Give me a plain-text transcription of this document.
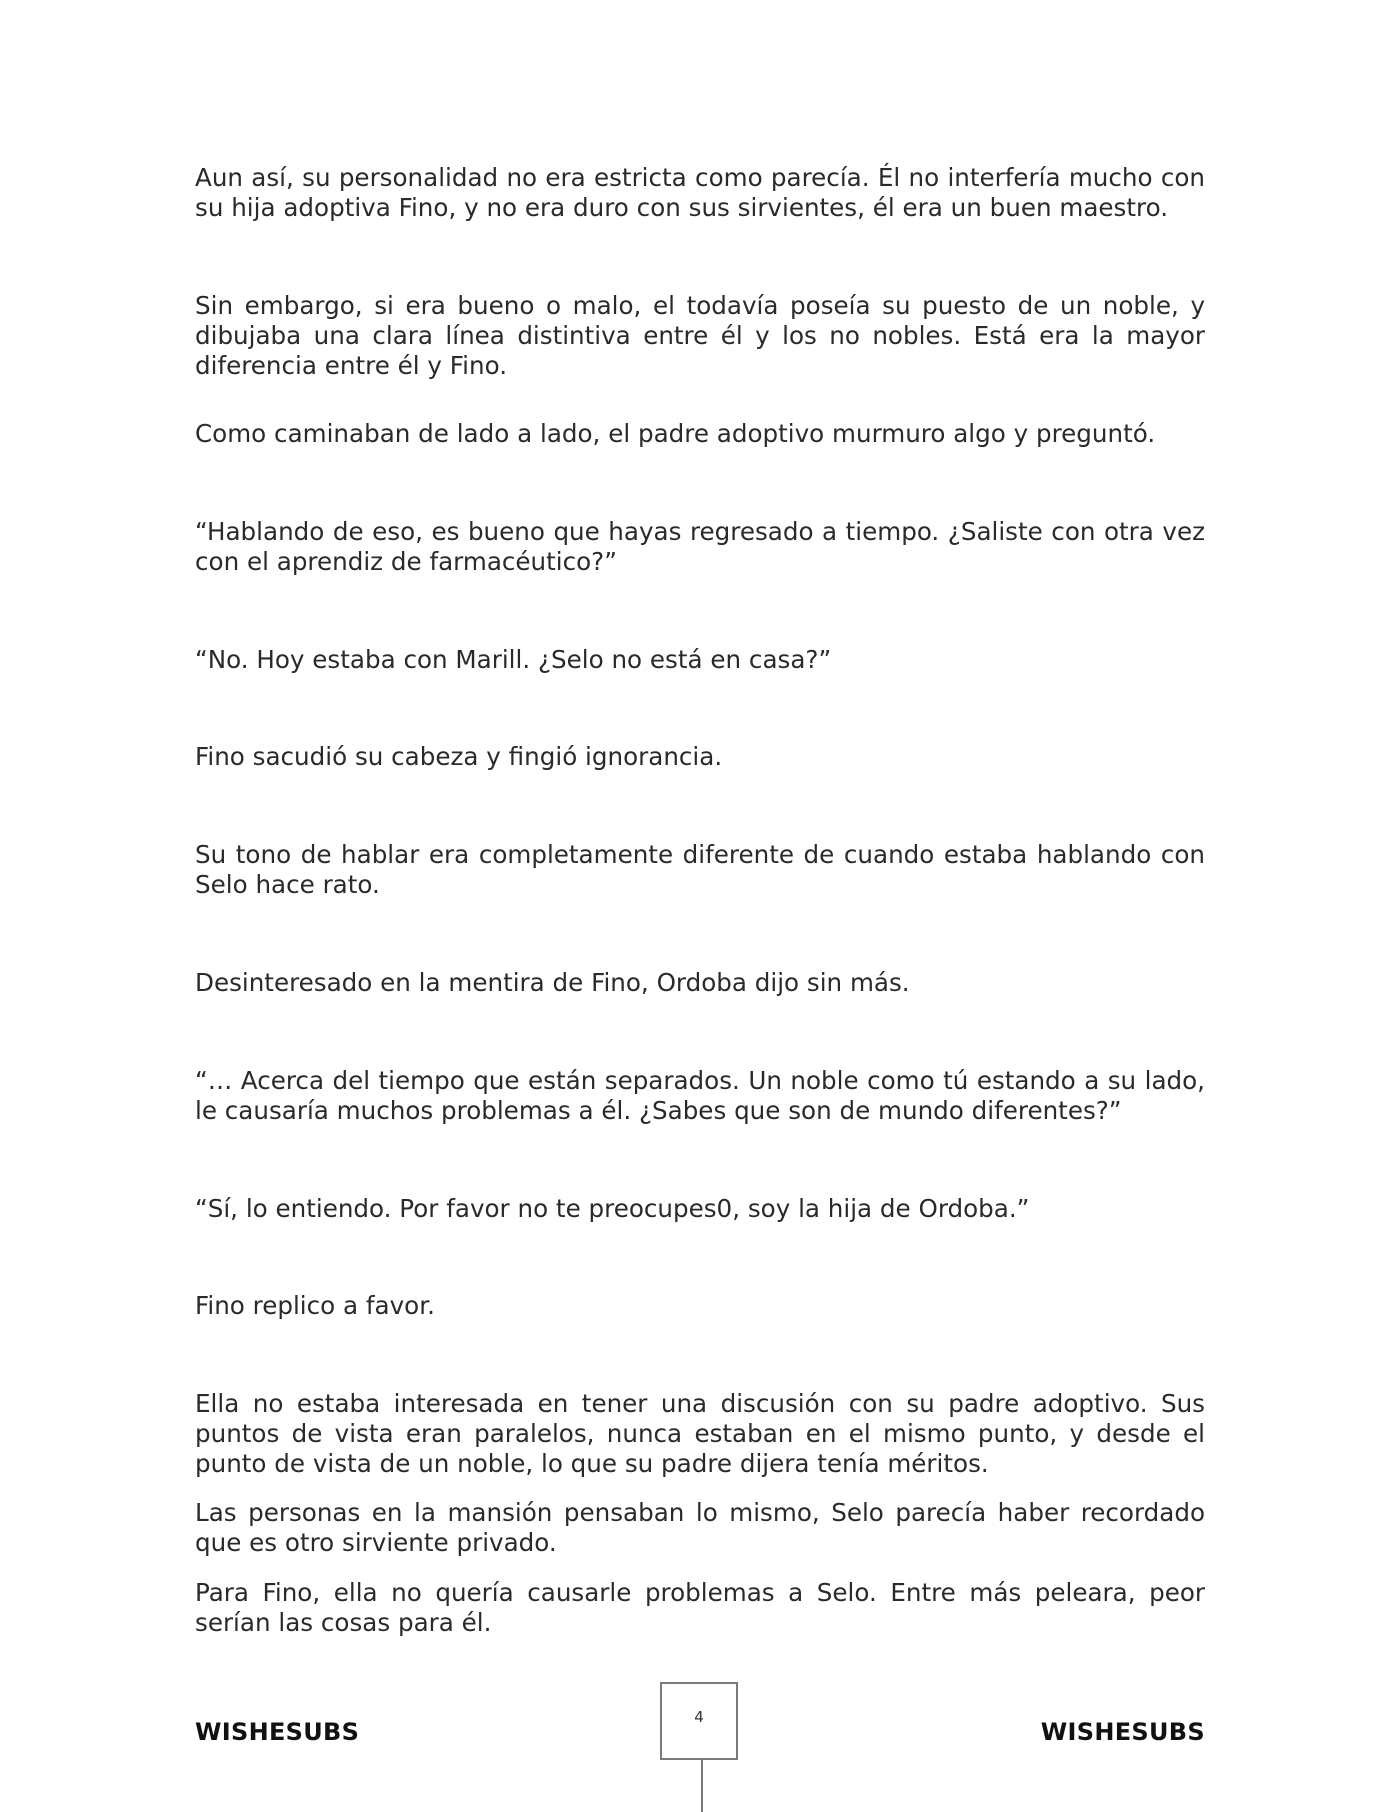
Aun así, su personalidad no era estricta como parecía. Él no interfería mucho con su hija adoptiva Fino, y no era duro con sus sirvientes, él era un buen maestro.

Sin embargo, si era bueno o malo, el todavía poseía su puesto de un noble, y dibujaba una clara línea distintiva entre él y los no nobles. Está era la mayor diferencia entre él y Fino.

Como caminaban de lado a lado, el padre adoptivo murmuro algo y preguntó.

“Hablando de eso, es bueno que hayas regresado a tiempo. ¿Saliste con otra vez con el aprendiz de farmacéutico?”

“No. Hoy estaba con Marill. ¿Selo no está en casa?”

Fino sacudió su cabeza y fingió ignorancia.

Su tono de hablar era completamente diferente de cuando estaba hablando con Selo hace rato.

Desinteresado en la mentira de Fino, Ordoba dijo sin más.

“… Acerca del tiempo que están separados. Un noble como tú estando a su lado, le causaría muchos problemas a él. ¿Sabes que son de mundo diferentes?”

“Sí, lo entiendo. Por favor no te preocupes0, soy la hija de Ordoba.”

Fino replico a favor.

Ella no estaba interesada en tener una discusión con su padre adoptivo. Sus puntos de vista eran paralelos, nunca estaban en el mismo punto, y desde el punto de vista de un noble, lo que su padre dijera tenía méritos.

Las personas en la mansión pensaban lo mismo, Selo parecía haber recordado que es otro sirviente privado.

Para Fino, ella no quería causarle problemas a Selo. Entre más peleara, peor serían las cosas para él.

WISHESUBS	WISHESUBS
4
